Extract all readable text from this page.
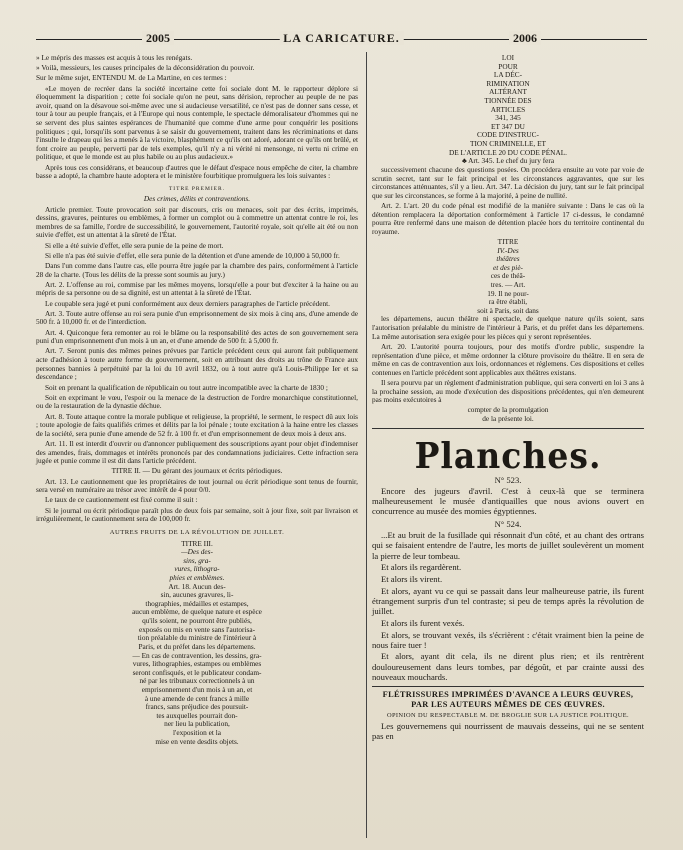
2005	LA CARICATURE.	2006

» Le mépris des masses est acquis à tous les renégats.

» Voilà, messieurs, les causes principales de la déconsidération du pouvoir.

Sur le même sujet, ENTENDU M. de La Martine, en ces termes :

«Le moyen de recréer dans la société incertaine cette foi sociale dont M. le rapporteur déplore si éloquemment la disparition ; cette foi sociale qu'on ne peut, sans dérision, reprocher au peuple de ne pas avoir, quand on la désavoue soi-même avec une si audacieuse versatilité, ce n'est pas de donner sans cesse, et tour à tour au peuple français, et à l'Europe qui nous contemple, le spectacle démoralisateur d'hommes qui ne se servent des plus saintes espérances de l'humanité que comme d'une arme pour conquérir les positions politiques ; qui, lorsqu'ils sont parvenus à se saisir du gouvernement, traitent dans les récriminations et dans l'insulte le drapeau qui les a menés à la victoire, blasphèment ce qu'ils ont adoré, adorant ce qu'ils ont brûlé, et font croire au peuple, perverti par de tels exemples, qu'il n'y a ni vérité ni mensonge, ni vertu ni crime en politique, et que le monde est au plus habile ou au plus audacieux.»

Après tous ces considérans, et beaucoup d'autres que le défaut d'espace nous empêche de citer, la chambre basse a adopté, la chambre haute adoptera et le ministère fourbitique promulguera les lois suivantes :

TITRE PREMIER.

Des crimes, délits et contraventions.

Article premier. Toute provocation soit par discours, cris ou menaces, soit par des écrits, imprimés, dessins, gravures, peintures ou emblèmes, à former un complot ou à commettre un attentat contre le roi, les membres de sa famille, l'ordre de successibilité, le gouvernement, l'autorité royale, soit qu'elle ait été ou non suivie d'effet, est un attentat à la sûreté de l'État.

Si elle a été suivie d'effet, elle sera punie de la peine de mort.

Si elle n'a pas été suivie d'effet, elle sera punie de la détention et d'une amende de 10,000 à 50,000 fr.

Dans l'un comme dans l'autre cas, elle pourra être jugée par la chambre des pairs, conformément à l'article 28 de la charte. (Tous les délits de la presse sont soumis au jury.)

Art. 2. L'offense au roi, commise par les mêmes moyens, lorsqu'elle a pour but d'exciter à la haine ou au mépris de sa personne ou de sa dignité, est un attentat à la sûreté de l'État.

Le coupable sera jugé et puni conformément aux deux derniers paragraphes de l'article précédent.

Art. 3. Toute autre offense au roi sera punie d'un emprisonnement de six mois à cinq ans, d'une amende de 500 fr. à 10,000 fr. et de l'interdiction.

Art. 4. Quiconque fera remonter au roi le blâme ou la responsabilité des actes de son gouvernement sera puni d'un emprisonnement d'un mois à un an, et d'une amende de 500 fr. à 5,000 fr.

Art. 7. Seront punis des mêmes peines prévues par l'article précédent ceux qui auront fait publiquement acte d'adhésion à toute autre forme du gouvernement, soit en attribuant des droits au trône de France aux personnes bannies à perpétuité par la loi du 10 avril 1832, ou à tout autre qu'à Louis-Philippe Ier et sa descendance ;

Soit en prenant la qualification de républicain ou tout autre incompatible avec la charte de 1830 ;

Soit en exprimant le vœu, l'espoir ou la menace de la destruction de l'ordre monarchique constitutionnel, ou de la restauration de la dynastie déchue.

Art. 8. Toute attaque contre la morale publique et religieuse, la propriété, le serment, le respect dû aux lois ; toute apologie de faits qualifiés crimes et délits par la loi pénale ; toute excitation à la haine entre les classes de la société, sera punie d'une amende de 52 fr. à 100 fr. et d'un emprisonnement de deux mois à deux ans.

Art. 11. Il est interdit d'ouvrir ou d'annoncer publiquement des souscriptions ayant pour objet d'indemniser des amendes, frais, dommages et intérêts prononcés par des condamnations judiciaires. Cette infraction sera jugée et punie comme il est dit dans l'article précédent.

TITRE II. — Du gérant des journaux et écrits périodiques.

Art. 13. Le cautionnement que les propriétaires de tout journal ou écrit périodique sont tenus de fournir, sera versé en numéraire au trésor avec intérêt de 4 pour 0/0.

Le taux de ce cautionnement est fixé comme il suit :

Si le journal ou écrit périodique paraît plus de deux fois par semaine, soit à jour fixe, soit par livraison et irrégulièrement, le cautionnement sera de 100,000 fr.

AUTRES FRUITS DE LA RÉVOLUTION DE JUILLET.

TITRE III.

—Des des-

sins, gra-

vures, lithogra-

phies et emblèmes.

Art. 18. Aucun des-

sin, aucunes gravures, li-

thographies, médailles et estampes,

aucun emblème, de quelque nature et espèce

qu'ils soient, ne pourront être publiés,

exposés ou mis en vente sans l'autorisa-

tion préalable du ministre de l'intérieur à

Paris, et du préfet dans les départemens.

— En cas de contravention, les dessins, gra-

vures, lithographies, estampes ou emblèmes

seront confisqués, et le publicateur condam-

né par les tribunaux correctionnels à un

emprisonnement d'un mois à un an, et

à une amende de cent francs à mille

francs, sans préjudice des poursuit-

tes auxquelles pourrait don-

ner lieu la publication,

l'exposition et la

mise en vente desdits objets.

LOI

POUR

LA DÉC-

RIMINATION

ALTÉRANT

TIONNÉE DES

ARTICLES

341, 345

ET 347 DU

CODE D'INSTRUC-

TION CRIMINELLE, ET

DE L'ARTICLE 20 DU CODE PÉNAL.

♣ Art. 345. Le chef du jury fera

successivement chacune des questions posées. On procédera ensuite au vote par voie de scrutin secret, tant sur le fait principal et les circonstances aggravantes, que sur les circonstances atténuantes, s'il y a lieu. Art. 347. La décision du jury, tant sur le fait principal que sur les circonstances, se forme à la majorité, à peine de nullité.

Art. 2. L'art. 20 du code pénal est modifié de la manière suivante : Dans le cas où la détention remplacera la déportation conformément à l'article 17 ci-dessus, le condamné pourra être renfermé dans une maison de détention placée hors du territoire continental du royaume.

TITRE

IV.-Des

théâtres

et des piè-

ces de théâ-

tres. — Art.

19. Il ne pour-

ra être établi,

soit à Paris, soit dans

les départemens, aucun théâtre ni spectacle, de quelque nature qu'ils soient, sans l'autorisation préalable du ministre de l'intérieur à Paris, et du préfet dans les départemens. La même autorisation sera exigée pour les pièces qui y seront représentées.

Art. 20. L'autorité pourra toujours, pour des motifs d'ordre public, suspendre la représentation d'une pièce, et même ordonner la clôture provisoire du théâtre. Il en sera de même en cas de contravention aux lois, ordonnances et réglemens. Ces dispositions et celles contenues en l'article précédent sont applicables aux théâtres existans.

Il sera pourvu par un règlement d'administration publique, qui sera converti en loi 3 ans à la prochaine session, au mode d'exécution des dispositions précédentes, qui n'en demeurent pas moins exécutoires à

compter de la promulgation

de la présente loi.

Planches.

N° 523.

Encore des jugeurs d'avril. C'est à ceux-là que se terminera malheureusement le musée d'antiquailles que nous avions ouvert en concurrence au musée des momies égyptiennes.

N° 524.

...Et au bruit de la fusillade qui résonnait d'un côté, et au chant des ortrans qui se faisaient entendre de l'autre, les morts de juillet soulevèrent un moment la pierre de leur tombeau.

Et alors ils regardèrent.

Et alors ils virent.

Et alors, ayant vu ce qui se passait dans leur malheureuse patrie, ils furent étrangement surpris d'un tel contraste; si peu de temps après la révolution de juillet.

Et alors ils furent vexés.

Et alors, se trouvant vexés, ils s'écrièrent : c'était vraiment bien la peine de nous faire tuer !

Et alors, ayant dit cela, ils ne dirent plus rien; et ils rentrèrent douloureusement dans leurs tombes, par dégoût, et par crainte aussi des nouveaux mouchards.

FLÉTRISSURES IMPRIMÉES D'AVANCE A LEURS ŒUVRES,

PAR LES AUTEURS MÊMES DE CES ŒUVRES.

OPINION DU RESPECTABLE M. DE BROGLIE SUR LA JUSTICE POLITIQUE.

Les gouvernemens qui nourrissent de mauvais desseins, qui ne se sentent pas en
